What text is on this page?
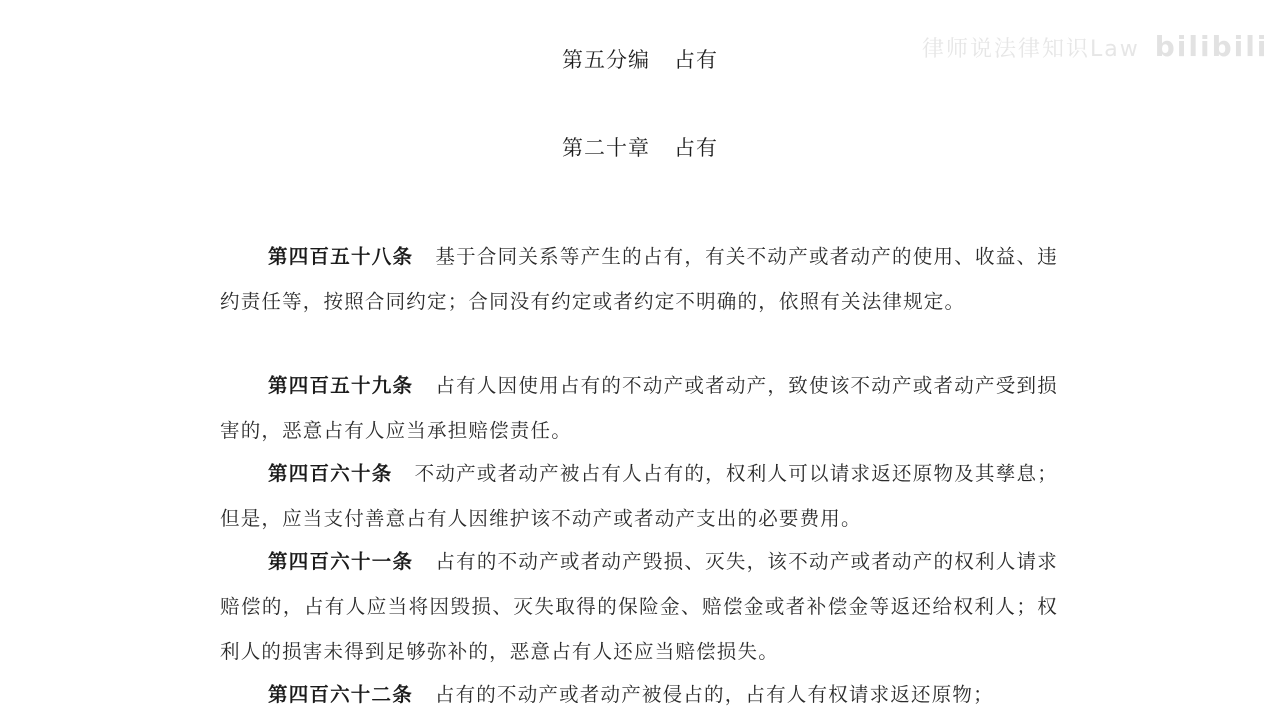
律师说法律知识Law bilibili
第五分编 占有
第二十章 占有

第四百五十八条 基于合同关系等产生的占有，有关不动产或者动产的使用、收益、违约责任等，按照合同约定；合同没有约定或者约定不明确的，依照有关法律规定。

第四百五十九条 占有人因使用占有的不动产或者动产，致使该不动产或者动产受到损害的，恶意占有人应当承担赔偿责任。

第四百六十条 不动产或者动产被占有人占有的，权利人可以请求返还原物及其孳息；但是，应当支付善意占有人因维护该不动产或者动产支出的必要费用。

第四百六十一条 占有的不动产或者动产毁损、灭失，该不动产或者动产的权利人请求赔偿的，占有人应当将因毁损、灭失取得的保险金、赔偿金或者补偿金等返还给权利人；权利人的损害未得到足够弥补的，恶意占有人还应当赔偿损失。

第四百六十二条 占有的不动产或者动产被侵占的，占有人有权请求返还原物；
